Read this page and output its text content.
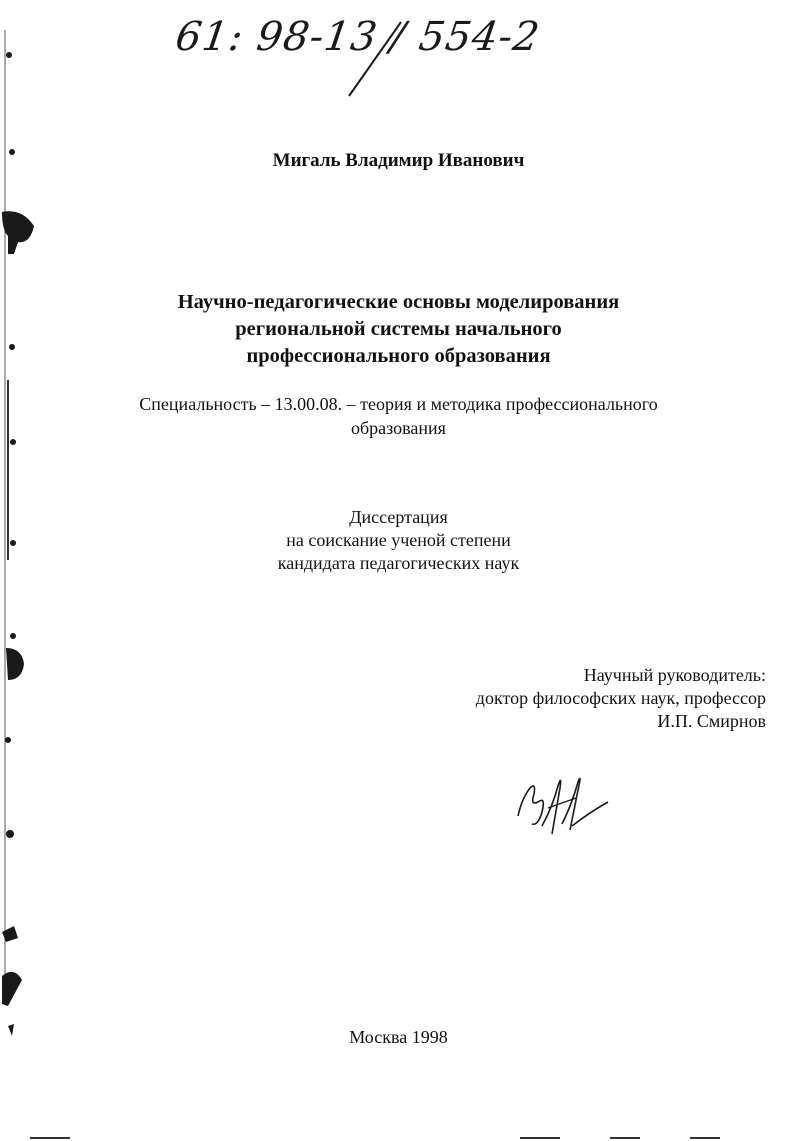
61: 98-13 / 554-2
Мигаль Владимир Иванович
Научно-педагогические основы моделирования
региональной системы начального
профессионального образования
Специальность – 13.00.08. – теория и методика профессионального
образования
Диссертация
на соискание ученой степени
кандидата педагогических наук
Научный руководитель:
доктор философских наук, профессор
И.П. Смирнов
Москва 1998
